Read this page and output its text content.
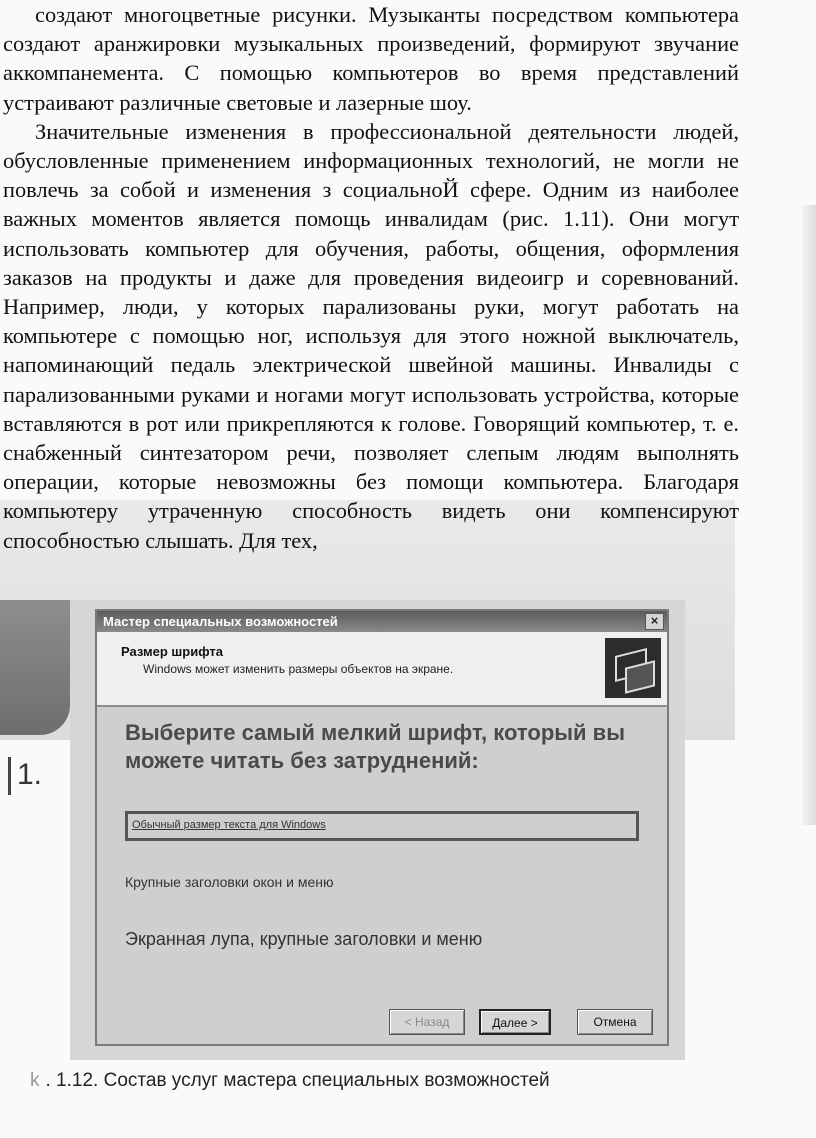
создают многоцветные рисунки. Музыканты посредством компьютера создают аранжировки музыкальных произведений, формируют звучание аккомпанемента. С помощью компьютеров во время представлений устраивают различные световые и лазерные шоу.

Значительные изменения в профессиональной деятельности людей, обусловленные применением информационных технологий, не могли не повлечь за собой и изменения з социальноЙ сфере. Одним из наиболее важных моментов является помощь инвалидам (рис. 1.11). Они могут использовать компьютер для обучения, работы, общения, оформления заказов на продукты и даже для проведения видеоигр и соревнований. Например, люди, у которых парализованы руки, могут работать на компьютере с помощью ног, используя для этого ножной выключатель, напоминающий педаль электрической швейной машины. Инвалиды с парализованными руками и ногами могут использовать устройства, которые вставляются в рот или прикрепляются к голове. Говорящий компьютер, т. е. снабженный синтезатором речи, позволяет слепым людям выполнять операции, которые невозможны без помощи компьютера. Благодаря компьютеру утраченную способность видеть они компенсируют способностью слышать. Для тех,

1.
Мастер специальных возможностей	×
Размер шрифта
Windows может изменить размеры объектов на экране.
Выберите самый мелкий шрифт, который вы можете читать без затруднений:
Обычный размер текста для Windows
Крупные заголовки окон и меню
Экранная лупа, крупные заголовки и меню
< Назад	Далее >	Отмена
k . 1.12. Состав услуг мастера специальных возможностей
